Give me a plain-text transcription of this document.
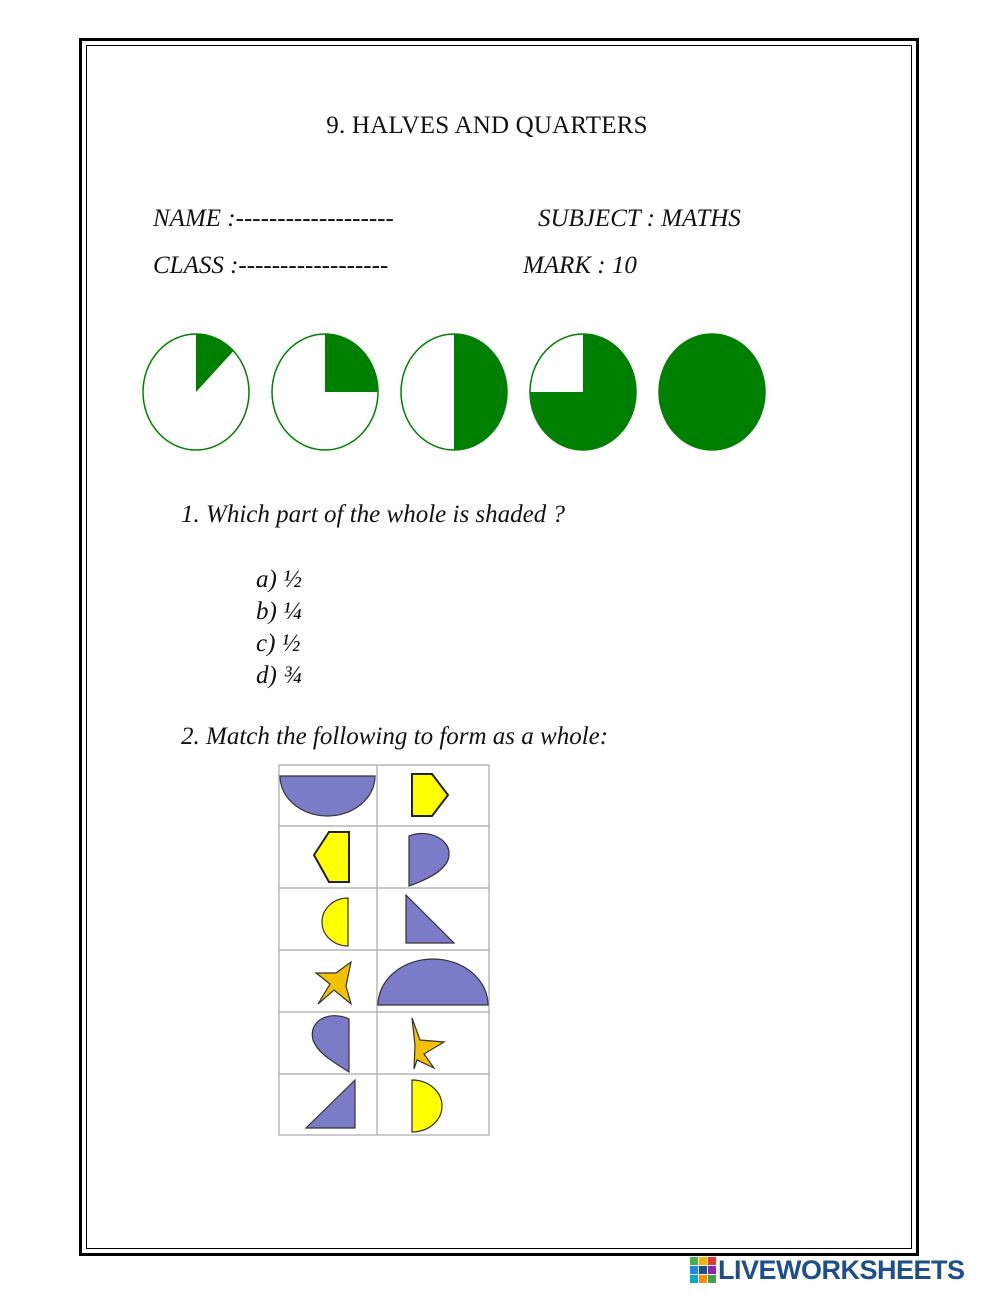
9. HALVES AND QUARTERS
NAME :-------------------	SUBJECT : MATHS
CLASS :------------------	MARK : 10
1. Which part of the whole is shaded ?
a) ½
b) ¼
c) ½
d) ¾
2. Match the following to form as a whole:
LIVEWORKSHEETS
